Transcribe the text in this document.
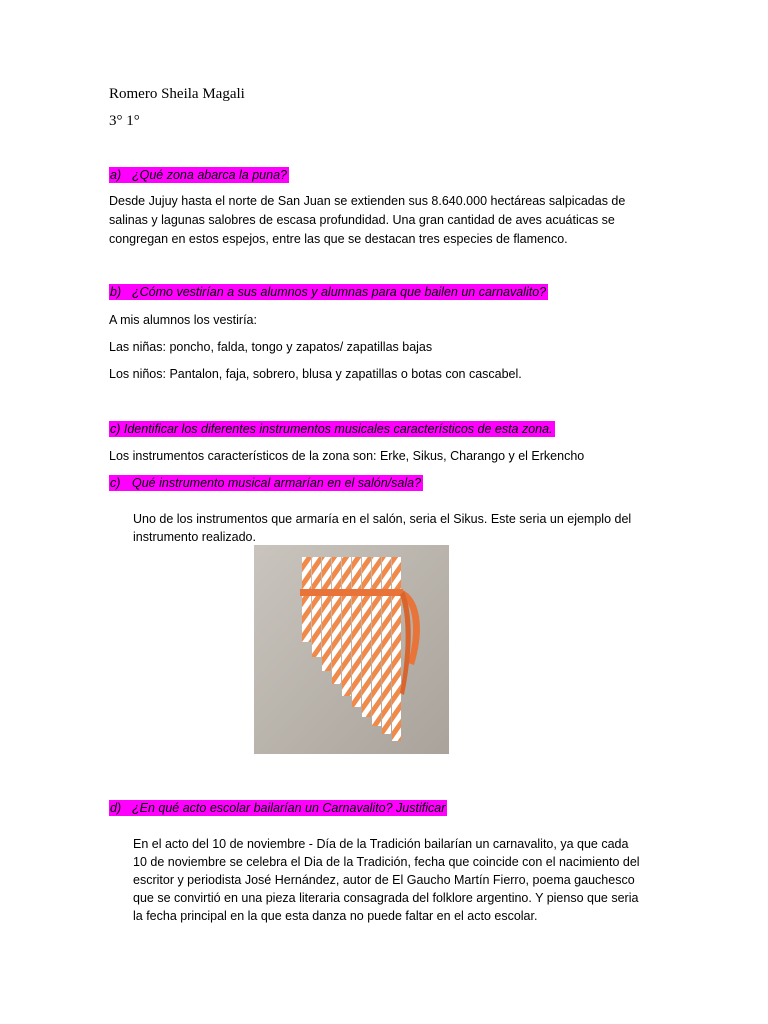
Romero Sheila Magali
3° 1°
a) ¿Qué zona abarca la puna?
Desde Jujuy hasta el norte de San Juan se extienden sus 8.640.000 hectáreas salpicadas de
salinas y lagunas salobres de escasa profundidad. Una gran cantidad de aves acuáticas se
congregan en estos espejos, entre las que se destacan tres especies de flamenco.
b) ¿Cómo vestirían a sus alumnos y alumnas para que bailen un carnavalito?
A mis alumnos los vestiría:
Las niñas: poncho, falda, tongo y zapatos/ zapatillas bajas
Los niños: Pantalon, faja, sobrero, blusa y zapatillas o botas con cascabel.
c) Identificar los diferentes instrumentos musicales característicos de esta zona.
Los instrumentos característicos de la zona son: Erke, Sikus, Charango y el Erkencho
c) Qué instrumento musical armarían en el salón/sala?
Uno de los instrumentos que armaría en el salón, seria el Sikus. Este seria un ejemplo del
instrumento realizado.
d) ¿En qué acto escolar bailarían un Carnavalito? Justificar
En el acto del 10 de noviembre - Día de la Tradición bailarían un carnavalito, ya que cada
10 de noviembre se celebra el Dia de la Tradición, fecha que coincide con el nacimiento del
escritor y periodista José Hernández, autor de El Gaucho Martín Fierro, poema gauchesco
que se convirtió en una pieza literaria consagrada del folklore argentino. Y pienso que seria
la fecha principal en la que esta danza no puede faltar en el acto escolar.
